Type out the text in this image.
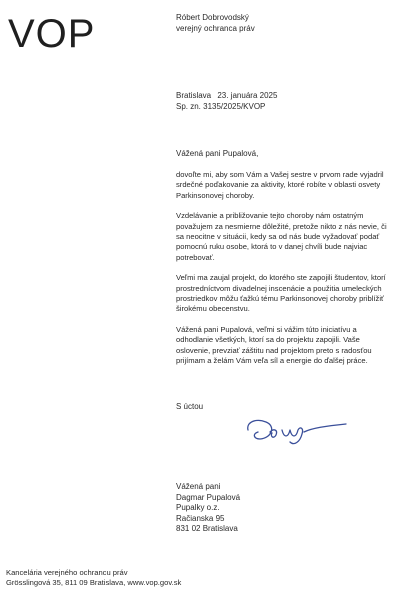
VOP	Róbert Dobrovodský
verejný ochranca práv
Bratislava 23. januára 2025
Sp. zn. 3135/2025/KVOP
Vážená pani Pupalová,

dovoľte mi, aby som Vám a Vašej sestre v prvom rade vyjadril srdečné poďakovanie za aktivity, ktoré robíte v oblasti osvety Parkinsonovej choroby.

Vzdelávanie a približovanie tejto choroby nám ostatným považujem za nesmierne dôležité, pretože nikto z nás nevie, či sa neocitne v situácii, kedy sa od nás bude vyžadovať podať pomocnú ruku osobe, ktorá to v danej chvíli bude najviac potrebovať.

Veľmi ma zaujal projekt, do ktorého ste zapojili študentov, ktorí prostredníctvom divadelnej inscenácie a použitia umeleckých prostriedkov môžu ťažkú tému Parkinsonovej choroby priblížiť širokému obecenstvu.

Vážená pani Pupalová, veľmi si vážim túto iniciatívu a odhodlanie všetkých, ktorí sa do projektu zapojili. Vaše oslovenie, prevziať záštitu nad projektom preto s radosťou prijímam a želám Vám veľa síl a energie do ďalšej práce.

S úctou
Vážená pani
Dagmar Pupalová
Pupalky o.z.
Račianska 95
831 02 Bratislava
Kancelária verejného ochrancu práv
Grösslingová 35, 811 09 Bratislava, www.vop.gov.sk
